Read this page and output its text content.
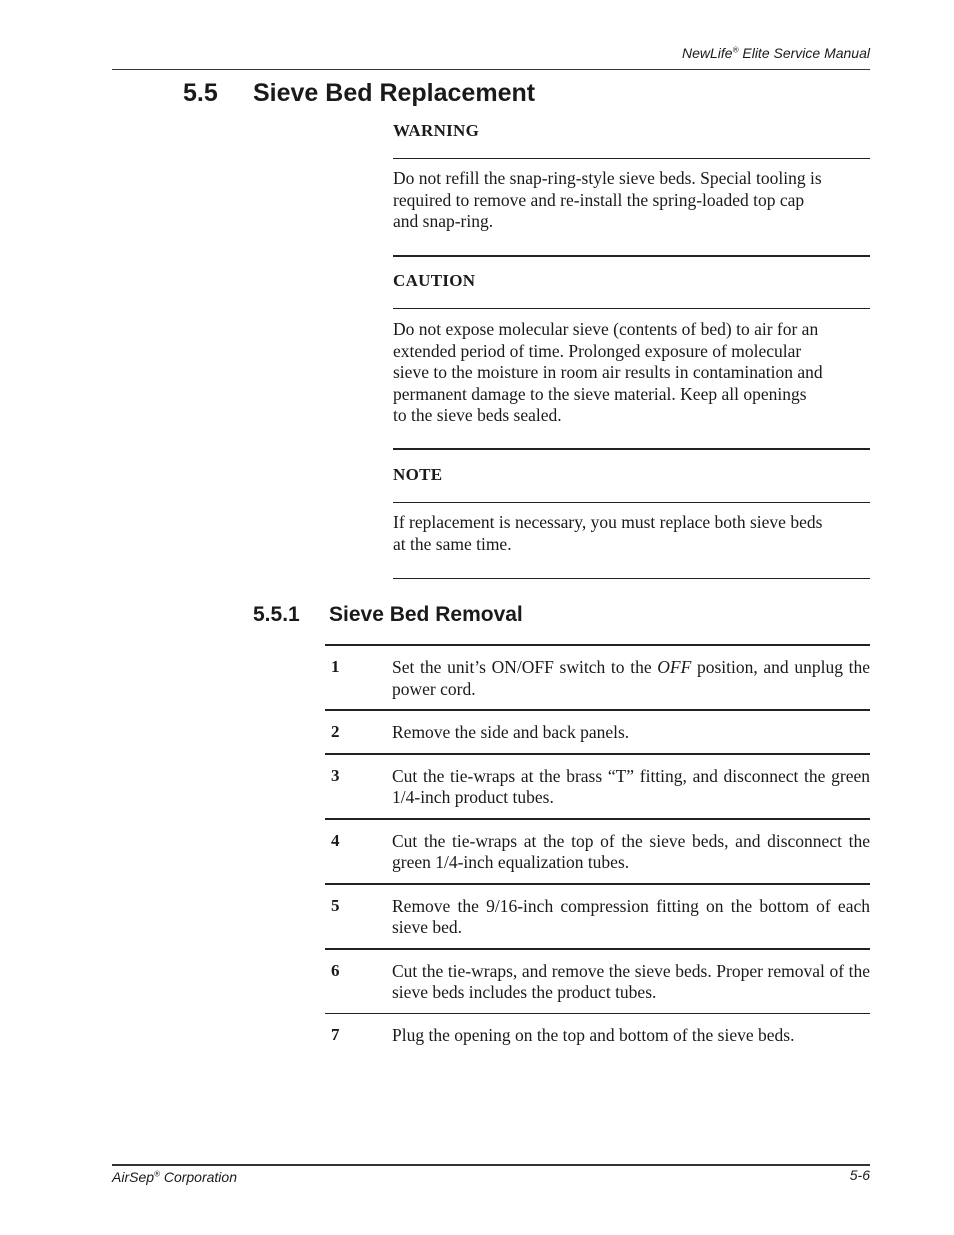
NewLife® Elite Service Manual
5.5 Sieve Bed Replacement
WARNING
Do not refill the snap-ring-style sieve beds. Special tooling is required to remove and re-install the spring-loaded top cap and snap-ring.
CAUTION
Do not expose molecular sieve (contents of bed) to air for an extended period of time. Prolonged exposure of molecular sieve to the moisture in room air results in contamination and permanent damage to the sieve material. Keep all openings to the sieve beds sealed.
NOTE
If replacement is necessary, you must replace both sieve beds at the same time.
5.5.1 Sieve Bed Removal
1	Set the unit’s ON/OFF switch to the OFF position, and unplug the power cord.
2	Remove the side and back panels.
3	Cut the tie-wraps at the brass “T” fitting, and disconnect the green 1/4-inch product tubes.
4	Cut the tie-wraps at the top of the sieve beds, and disconnect the green 1/4-inch equalization tubes.
5	Remove the 9/16-inch compression fitting on the bottom of each sieve bed.
6	Cut the tie-wraps, and remove the sieve beds. Proper removal of the sieve beds includes the product tubes.
7	Plug the opening on the top and bottom of the sieve beds.
AirSep® Corporation	5-6
